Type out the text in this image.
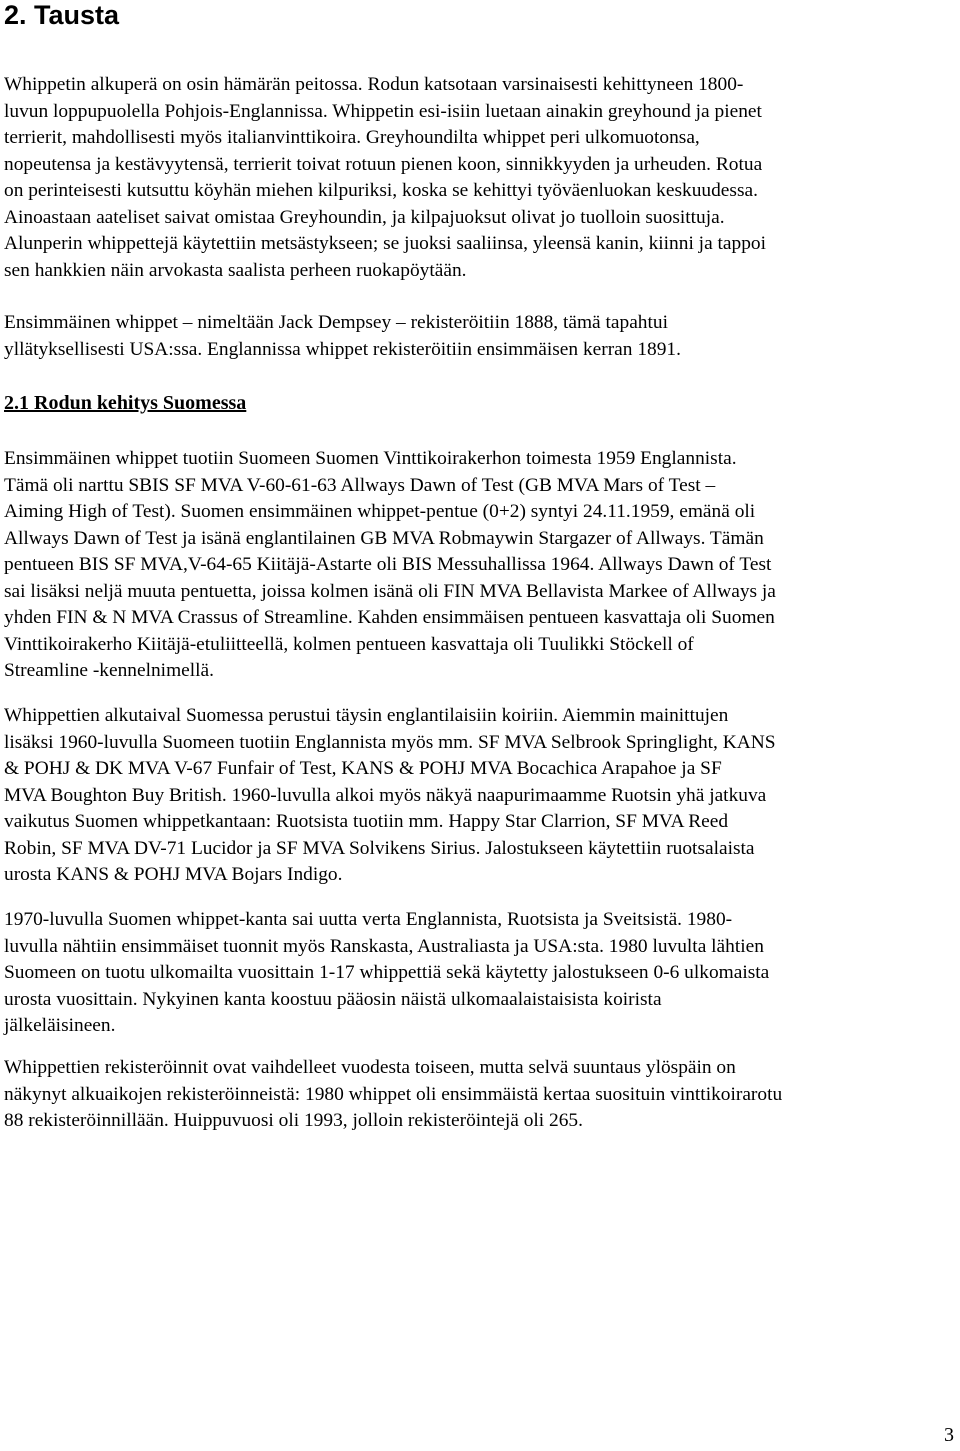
2. Tausta

Whippetin alkuperä on osin hämärän peitossa. Rodun katsotaan varsinaisesti kehittyneen 1800-
luvun loppupuolella Pohjois-Englannissa. Whippetin esi-isiin luetaan ainakin greyhound ja pienet
terrierit, mahdollisesti myös italianvinttikoira. Greyhoundilta whippet peri ulkomuotonsa,
nopeutensa ja kestävyytensä, terrierit toivat rotuun pienen koon, sinnikkyyden ja urheuden. Rotua
on perinteisesti kutsuttu köyhän miehen kilpuriksi, koska se kehittyi työväenluokan keskuudessa.
Ainoastaan aateliset saivat omistaa Greyhoundin, ja kilpajuoksut olivat jo tuolloin suosittuja.
Alunperin whippettejä käytettiin metsästykseen; se juoksi saaliinsa, yleensä kanin, kiinni ja tappoi
sen hankkien näin arvokasta saalista perheen ruokapöytään.

Ensimmäinen whippet – nimeltään Jack Dempsey – rekisteröitiin 1888, tämä tapahtui
yllätyksellisesti USA:ssa. Englannissa whippet rekisteröitiin ensimmäisen kerran 1891.

2.1 Rodun kehitys Suomessa

Ensimmäinen whippet tuotiin Suomeen Suomen Vinttikoirakerhon toimesta 1959 Englannista.
Tämä oli narttu SBIS SF MVA V-60-61-63 Allways Dawn of Test (GB MVA Mars of Test –
Aiming High of Test). Suomen ensimmäinen whippet-pentue (0+2) syntyi 24.11.1959, emänä oli
Allways Dawn of Test ja isänä englantilainen GB MVA Robmaywin Stargazer of Allways. Tämän
pentueen BIS SF MVA,V-64-65 Kiitäjä-Astarte oli BIS Messuhallissa 1964. Allways Dawn of Test
sai lisäksi neljä muuta pentuetta, joissa kolmen isänä oli FIN MVA Bellavista Markee of Allways ja
yhden FIN & N MVA Crassus of Streamline. Kahden ensimmäisen pentueen kasvattaja oli Suomen
Vinttikoirakerho Kiitäjä-etuliitteellä, kolmen pentueen kasvattaja oli Tuulikki Stöckell of
Streamline -kennelnimellä.

Whippettien alkutaival Suomessa perustui täysin englantilaisiin koiriin. Aiemmin mainittujen
lisäksi 1960-luvulla Suomeen tuotiin Englannista myös mm. SF MVA Selbrook Springlight, KANS
& POHJ & DK MVA V-67 Funfair of Test, KANS & POHJ MVA Bocachica Arapahoe ja SF
MVA Boughton Buy British. 1960-luvulla alkoi myös näkyä naapurimaamme Ruotsin yhä jatkuva
vaikutus Suomen whippetkantaan: Ruotsista tuotiin mm. Happy Star Clarrion, SF MVA Reed
Robin, SF MVA DV-71 Lucidor ja SF MVA Solvikens Sirius. Jalostukseen käytettiin ruotsalaista
urosta KANS & POHJ MVA Bojars Indigo.

1970-luvulla Suomen whippet-kanta sai uutta verta Englannista, Ruotsista ja Sveitsistä. 1980-
luvulla nähtiin ensimmäiset tuonnit myös Ranskasta, Australiasta ja USA:sta. 1980 luvulta lähtien
Suomeen on tuotu ulkomailta vuosittain 1-17 whippettiä sekä käytetty jalostukseen 0-6 ulkomaista
urosta vuosittain. Nykyinen kanta koostuu pääosin näistä ulkomaalaistaisista koirista
jälkeläisineen.

Whippettien rekisteröinnit ovat vaihdelleet vuodesta toiseen, mutta selvä suuntaus ylöspäin on
näkynyt alkuaikojen rekisteröinneistä: 1980 whippet oli ensimmäistä kertaa suosituin vinttikoirarotu
88 rekisteröinnillään. Huippuvuosi oli 1993, jolloin rekisteröintejä oli 265.

3
